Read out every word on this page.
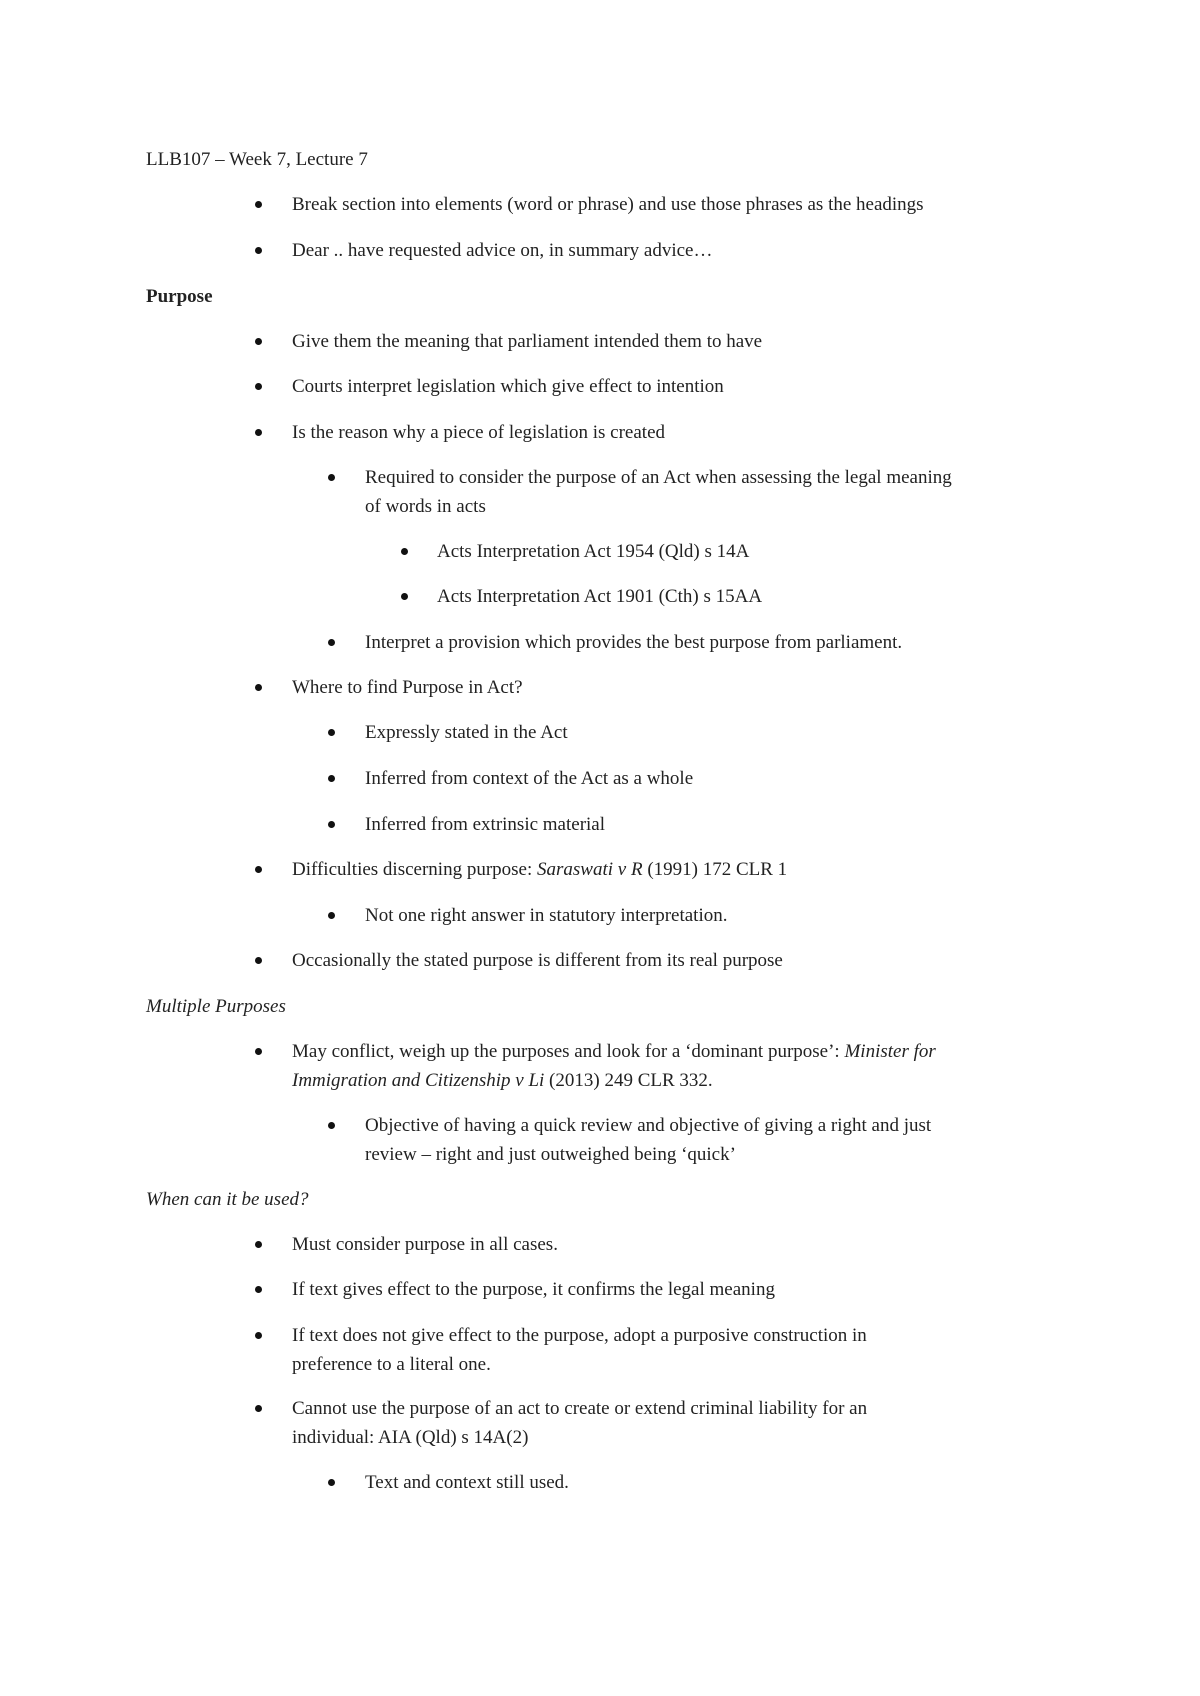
LLB107 – Week 7, Lecture 7
Break section into elements (word or phrase) and use those phrases as the headings
Dear .. have requested advice on, in summary advice…
Purpose
Give them the meaning that parliament intended them to have
Courts interpret legislation which give effect to intention
Is the reason why a piece of legislation is created
Required to consider the purpose of an Act when assessing the legal meaning
of words in acts
Acts Interpretation Act 1954 (Qld) s 14A
Acts Interpretation Act 1901 (Cth) s 15AA
Interpret a provision which provides the best purpose from parliament.
Where to find Purpose in Act?
Expressly stated in the Act
Inferred from context of the Act as a whole
Inferred from extrinsic material
Difficulties discerning purpose: Saraswati v R (1991) 172 CLR 1
Not one right answer in statutory interpretation.
Occasionally the stated purpose is different from its real purpose
Multiple Purposes
May conflict, weigh up the purposes and look for a ‘dominant purpose’: Minister for
Immigration and Citizenship v Li (2013) 249 CLR 332.
Objective of having a quick review and objective of giving a right and just
review – right and just outweighed being ‘quick’
When can it be used?
Must consider purpose in all cases.
If text gives effect to the purpose, it confirms the legal meaning
If text does not give effect to the purpose, adopt a purposive construction in
preference to a literal one.
Cannot use the purpose of an act to create or extend criminal liability for an
individual: AIA (Qld) s 14A(2)
Text and context still used.
